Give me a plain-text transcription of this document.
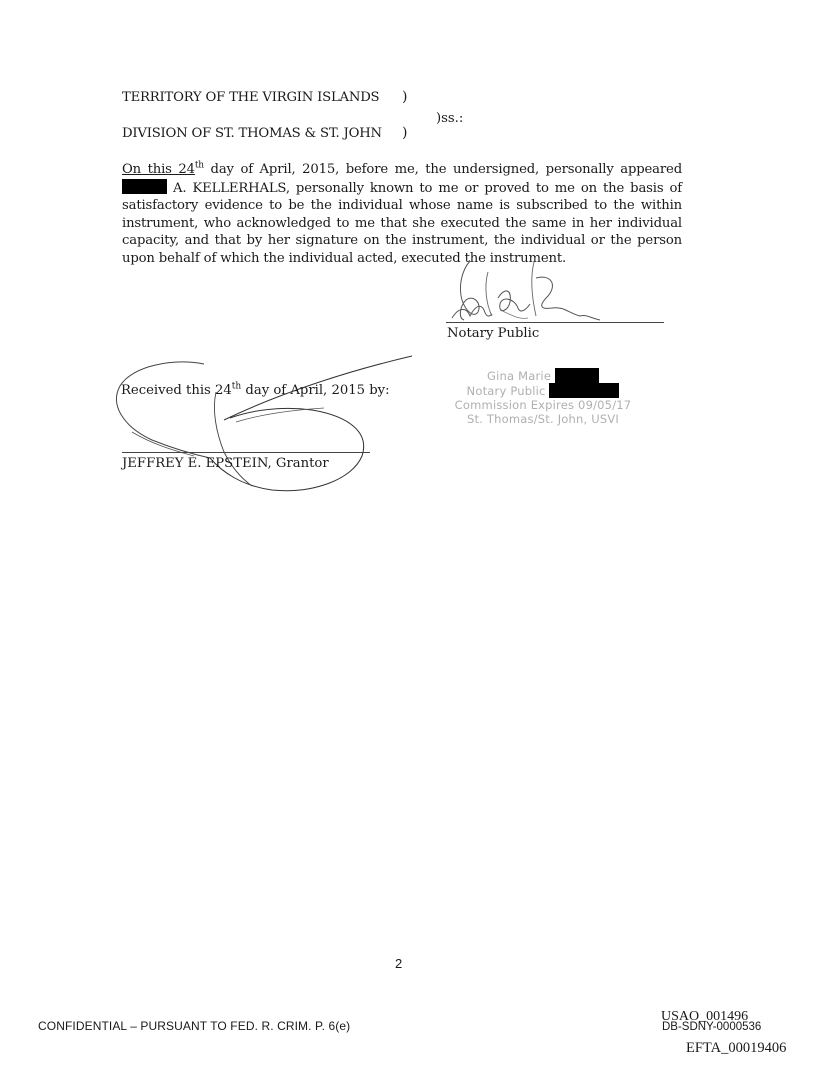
TERRITORY OF THE VIRGIN ISLANDS )
)ss.:
DIVISION OF ST. THOMAS & ST. JOHN )
On this 24th day of April, 2015, before me, the undersigned, personally appeared  A. KELLERHALS, personally known to me or proved to me on the basis of satisfactory evidence to be the individual whose name is subscribed to the within instrument, who acknowledged to me that she executed the same in her individual capacity, and that by her signature on the instrument, the individual or the person upon behalf of which the individual acted, executed the instrument.
Notary Public
Gina Marie
Notary Public
Commission Expires 09/05/17
St. Thomas/St. John, USVI
Received this 24th day of April, 2015 by:
JEFFREY E. EPSTEIN, Grantor
2
CONFIDENTIAL – PURSUANT TO FED. R. CRIM. P. 6(e)
USAO_001496
DB-SDNY-0000536
EFTA_00019406
